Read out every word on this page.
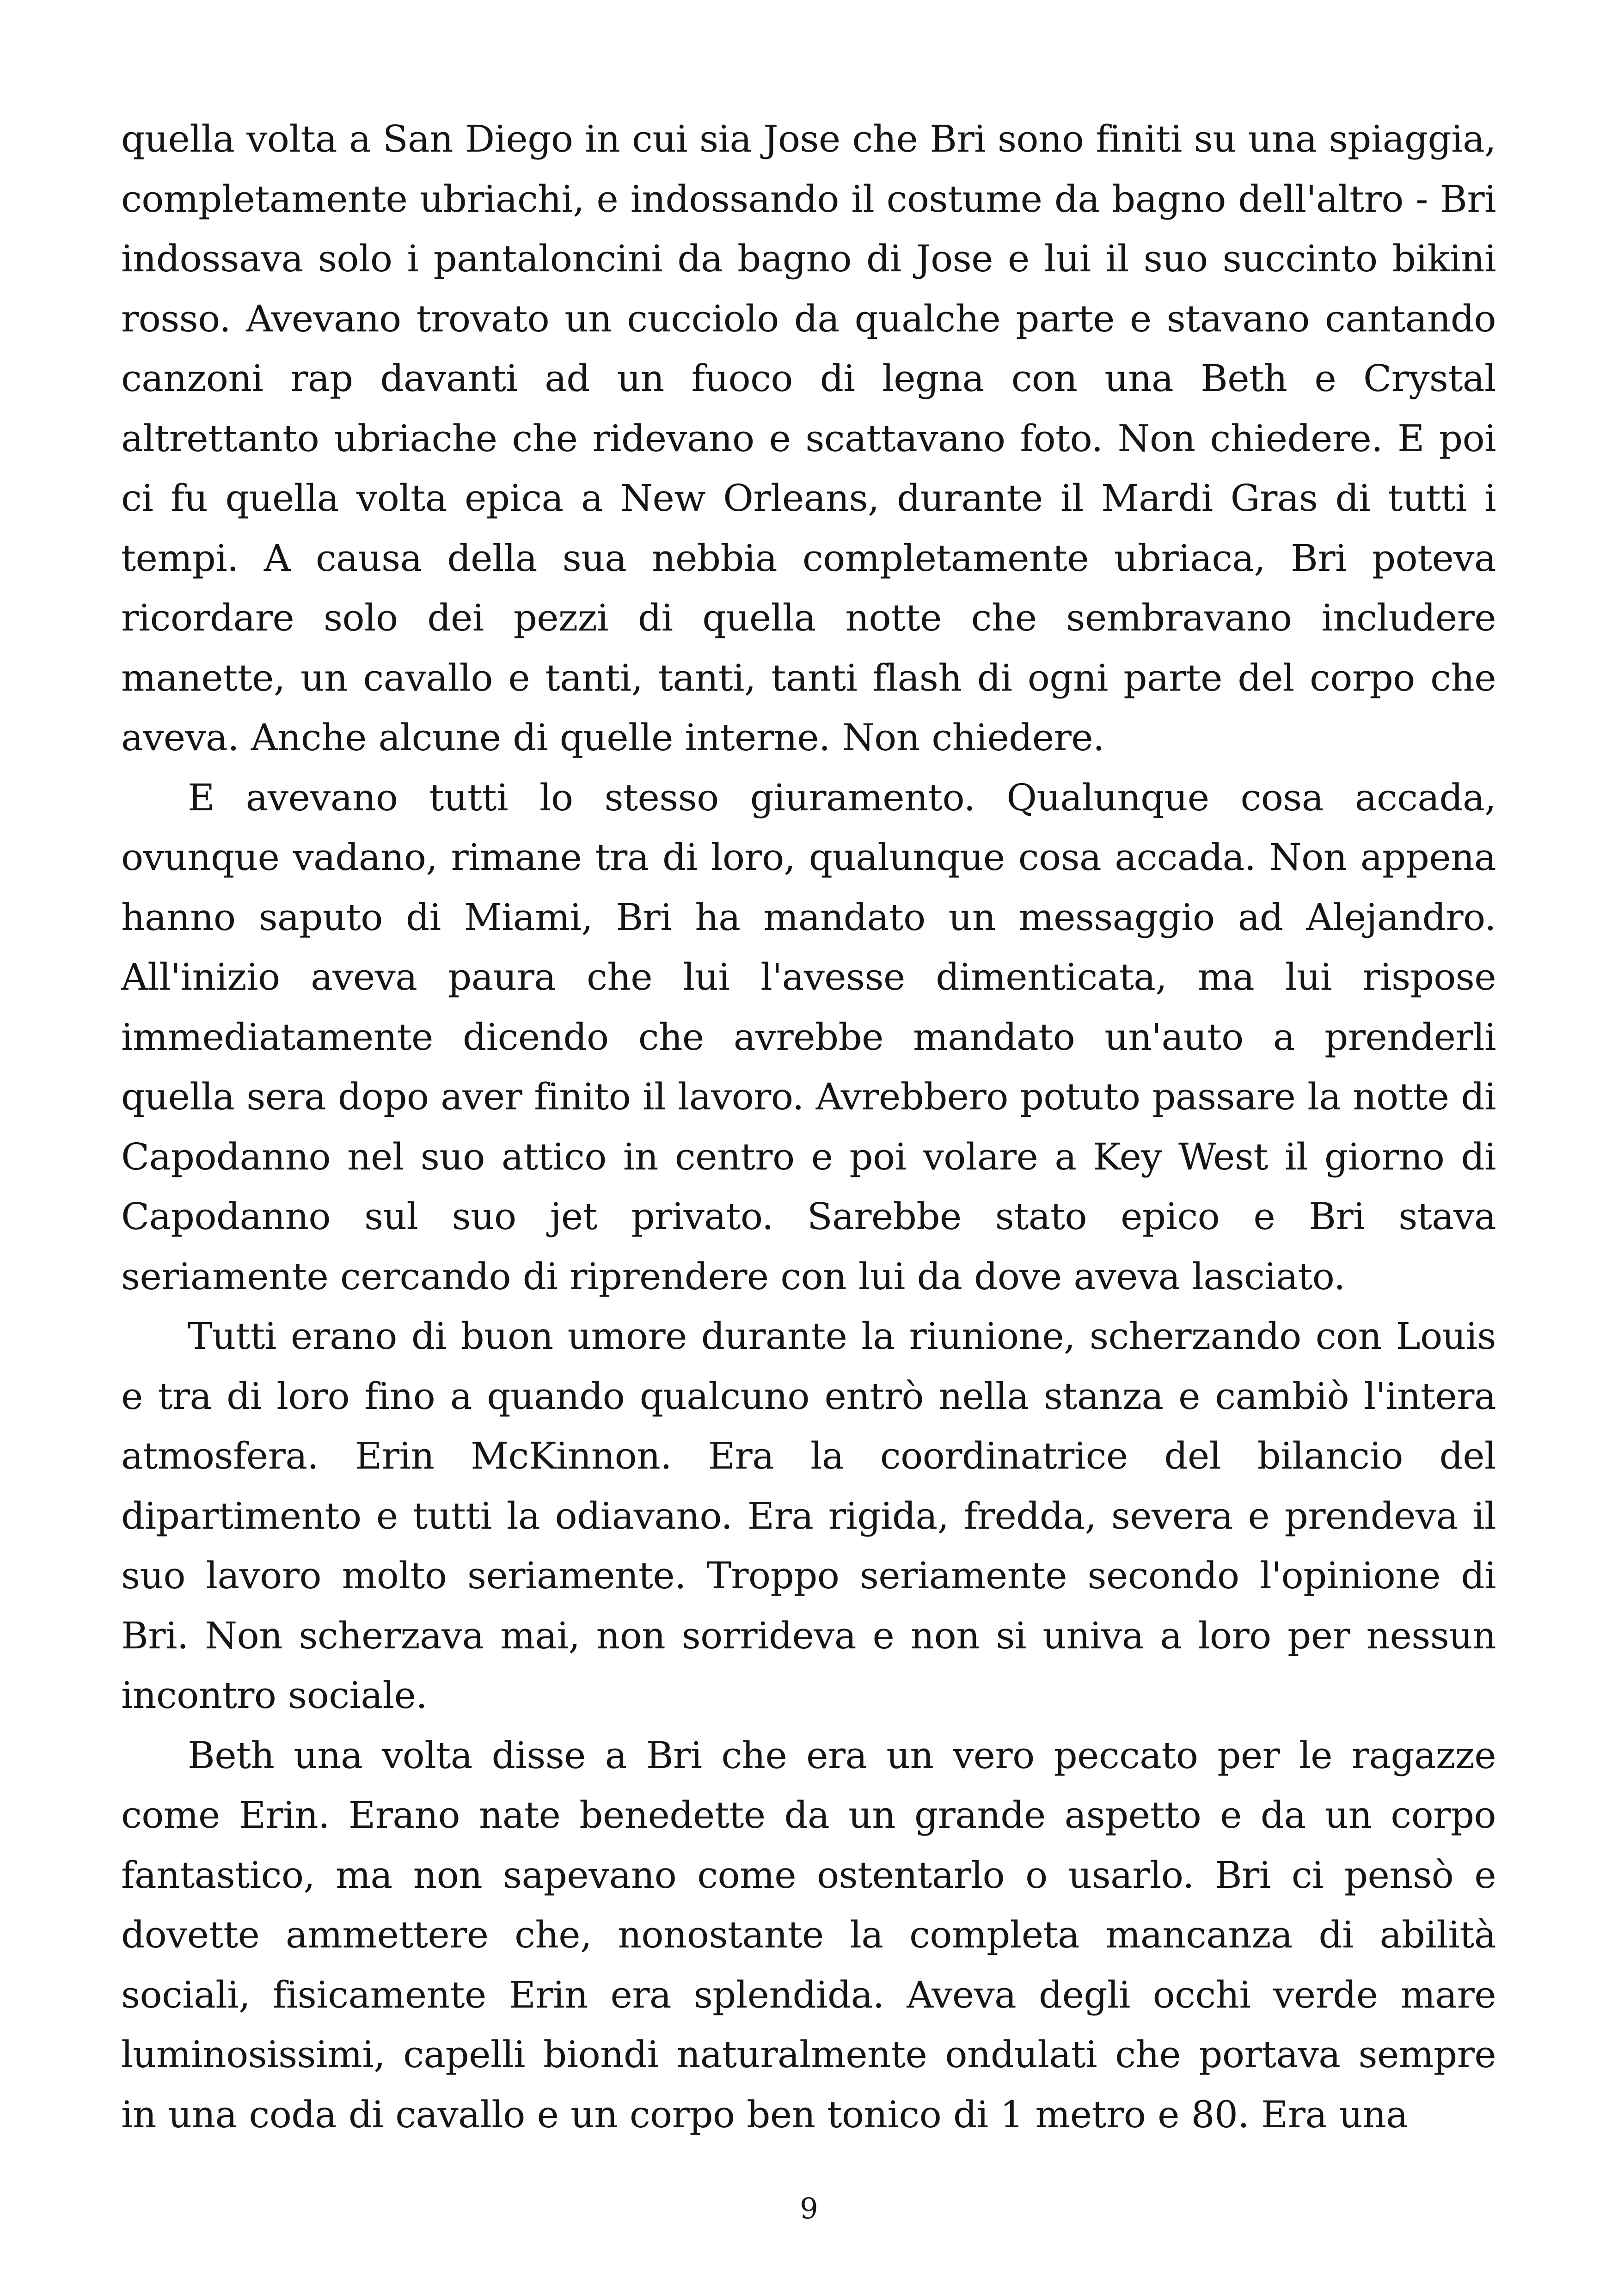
quella volta a San Diego in cui sia Jose che Bri sono finiti su una spiaggia, completamente ubriachi, e indossando il costume da bagno dell'altro - Bri indossava solo i pantaloncini da bagno di Jose e lui il suo succinto bikini rosso. Avevano trovato un cucciolo da qualche parte e stavano cantando canzoni rap davanti ad un fuoco di legna con una Beth e Crystal altrettanto ubriache che ridevano e scattavano foto. Non chiedere. E poi ci fu quella volta epica a New Orleans, durante il Mardi Gras di tutti i tempi. A causa della sua nebbia completamente ubriaca, Bri poteva ricordare solo dei pezzi di quella notte che sembravano includere manette, un cavallo e tanti, tanti, tanti flash di ogni parte del corpo che aveva. Anche alcune di quelle interne. Non chiedere.

E avevano tutti lo stesso giuramento. Qualunque cosa accada, ovunque vadano, rimane tra di loro, qualunque cosa accada. Non appena hanno saputo di Miami, Bri ha mandato un messaggio ad Alejandro. All'inizio aveva paura che lui l'avesse dimenticata, ma lui rispose immediatamente dicendo che avrebbe mandato un'auto a prenderli quella sera dopo aver finito il lavoro. Avrebbero potuto passare la notte di Capodanno nel suo attico in centro e poi volare a Key West il giorno di Capodanno sul suo jet privato. Sarebbe stato epico e Bri stava seriamente cercando di riprendere con lui da dove aveva lasciato.

Tutti erano di buon umore durante la riunione, scherzando con Louis e tra di loro fino a quando qualcuno entrò nella stanza e cambiò l'intera atmosfera. Erin McKinnon. Era la coordinatrice del bilancio del dipartimento e tutti la odiavano. Era rigida, fredda, severa e prendeva il suo lavoro molto seriamente. Troppo seriamente secondo l'opinione di Bri. Non scherzava mai, non sorrideva e non si univa a loro per nessun incontro sociale.

Beth una volta disse a Bri che era un vero peccato per le ragazze come Erin. Erano nate benedette da un grande aspetto e da un corpo fantastico, ma non sapevano come ostentarlo o usarlo. Bri ci pensò e dovette ammettere che, nonostante la completa mancanza di abilità sociali, fisicamente Erin era splendida. Aveva degli occhi verde mare luminosissimi, capelli biondi naturalmente ondulati che portava sempre in una coda di cavallo e un corpo ben tonico di 1 metro e 80. Era una

9
